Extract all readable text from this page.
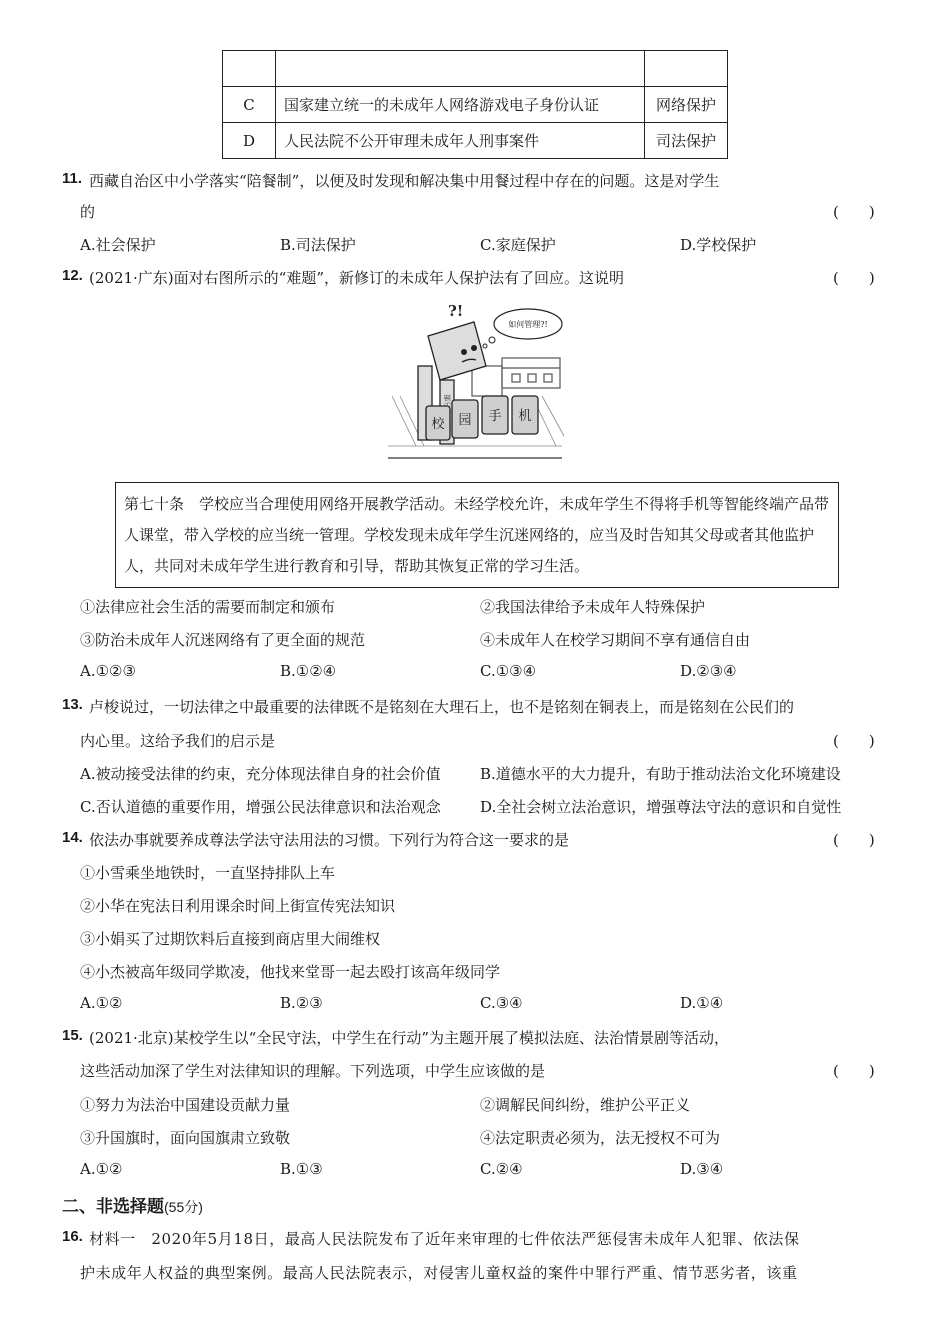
C	国家建立统一的未成年人网络游戏电子身份认证	网络保护
D	人民法院不公开审理未成年人刑事案件	司法保护
11. 西藏自治区中小学落实“陪餐制”，以便及时发现和解决集中用餐过程中存在的问题。这是对学生
的	(　　)
A.社会保护	B.司法保护	C.家庭保护	D.学校保护
12. (2021·广东)面对右图所示的“难题”，新修订的未成年人保护法有了回应。这说明	(　　)
?!
如何管理?!
校 园 手 机
第七十条　学校应当合理使用网络开展教学活动。未经学校允许，未成年学生不得将手机等智能终端产品带人课堂，带入学校的应当统一管理。学校发现未成年学生沉迷网络的，应当及时告知其父母或者其他监护人，共同对未成年学生进行教育和引导，帮助其恢复正常的学习生活。
①法律应社会生活的需要而制定和颁布	②我国法律给予未成年人特殊保护
③防治未成年人沉迷网络有了更全面的规范	④未成年人在校学习期间不享有通信自由
A.①②③	B.①②④	C.①③④	D.②③④
13. 卢梭说过，一切法律之中最重要的法律既不是铭刻在大理石上，也不是铭刻在铜表上，而是铭刻在公民们的
内心里。这给予我们的启示是	(　　)
A.被动接受法律的约束，充分体现法律自身的社会价值	B.道德水平的大力提升，有助于推动法治文化环境建设
C.否认道德的重要作用，增强公民法律意识和法治观念	D.全社会树立法治意识，增强尊法守法的意识和自觉性
14. 依法办事就要养成尊法学法守法用法的习惯。下列行为符合这一要求的是	(　　)
①小雪乘坐地铁时，一直坚持排队上车
②小华在宪法日利用课余时间上街宣传宪法知识
③小娟买了过期饮料后直接到商店里大闹维权
④小杰被高年级同学欺凌，他找来堂哥一起去殴打该高年级同学
A.①②	B.②③	C.③④	D.①④
15. (2021·北京)某校学生以“全民守法，中学生在行动”为主题开展了模拟法庭、法治情景剧等活动，
这些活动加深了学生对法律知识的理解。下列选项，中学生应该做的是	(　　)
①努力为法治中国建设贡献力量	②调解民间纠纷，维护公平正义
③升国旗时，面向国旗肃立致敬	④法定职责必须为，法无授权不可为
A.①②	B.①③	C.②④	D.③④
二、非选择题(55分)
16. 材料一　2020年5月18日，最高人民法院发布了近年来审理的七件依法严惩侵害未成年人犯罪、依法保
护未成年人权益的典型案例。最高人民法院表示，对侵害儿童权益的案件中罪行严重、情节恶劣者，该重
